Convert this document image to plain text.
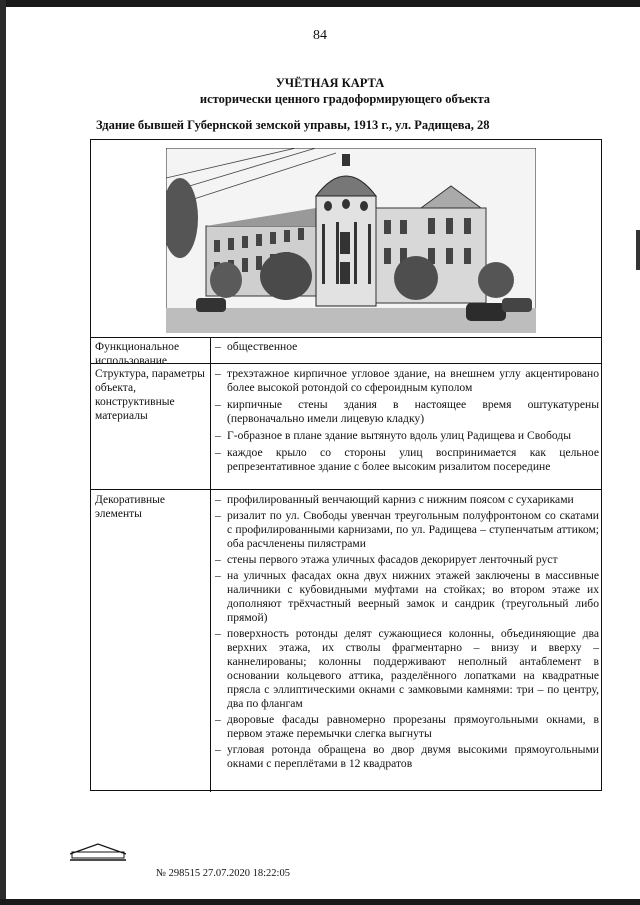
84
УЧЁТНАЯ КАРТА
исторически ценного градоформирующего объекта
Здание бывшей Губернской земской управы, 1913 г., ул. Радищева, 28
Функциональное использование
– общественное
Структура, параметры объекта, конструктивные материалы
– трехэтажное кирпичное угловое здание, на внешнем углу акцентировано более высокой ротондой со сфероидным куполом
– кирпичные стены здания в настоящее время оштукатурены (первоначально имели лицевую кладку)
– Г-образное в плане здание вытянуто вдоль улиц Радищева и Свободы
– каждое крыло со стороны улиц воспринимается как цельное репрезентативное здание с более высоким ризалитом посередине
Декоративные элементы
– профилированный венчающий карниз с нижним поясом с сухариками
– ризалит по ул. Свободы увенчан треугольным полуфронтоном со скатами с профилированными карнизами, по ул. Радищева – ступенчатым аттиком; оба расчленены пилястрами
– стены первого этажа уличных фасадов декорирует ленточный руст
– на уличных фасадах окна двух нижних этажей заключены в массивные наличники с кубовидными муфтами на стойках; во втором этаже их дополняют трёхчастный веерный замок и сандрик (треугольный либо прямой)
– поверхность ротонды делят сужающиеся колонны, объединяющие два верхних этажа, их стволы фрагментарно – внизу и вверху – каннелированы; колонны поддерживают неполный антаблемент в основании кольцевого аттика, разделённого лопатками на квадратные прясла с эллиптическими окнами с замковыми камнями: три – по центру, два по флангам
– дворовые фасады равномерно прорезаны прямоугольными окнами, в первом этаже перемычки слегка выгнуты
– угловая ротонда обращена во двор двумя высокими прямоугольными окнами с переплётами в 12 квадратов
№ 298515 27.07.2020 18:22:05
